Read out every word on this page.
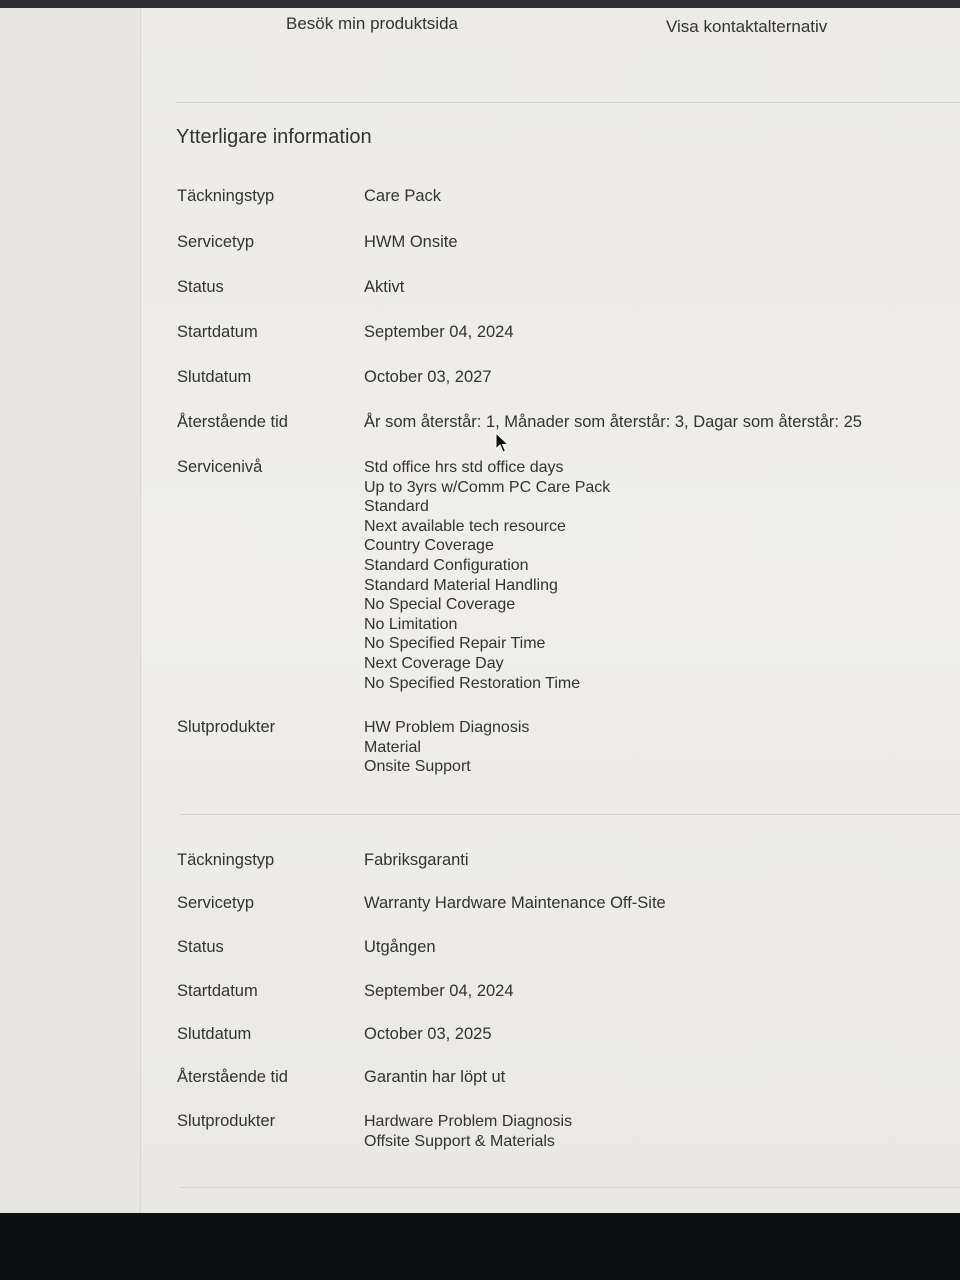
Besök min produktsida	Visa kontaktalternativ
Ytterligare information
Täckningstyp	Care Pack
Servicetyp	HWM Onsite
Status	Aktivt
Startdatum	September 04, 2024
Slutdatum	October 03, 2027
Återstående tid	År som återstår: 1, Månader som återstår: 3, Dagar som återstår: 25
Servicenivå	Std office hrs std office days
Up to 3yrs w/Comm PC Care Pack
Standard
Next available tech resource
Country Coverage
Standard Configuration
Standard Material Handling
No Special Coverage
No Limitation
No Specified Repair Time
Next Coverage Day
No Specified Restoration Time
Slutprodukter	HW Problem Diagnosis
Material
Onsite Support
Täckningstyp	Fabriksgaranti
Servicetyp	Warranty Hardware Maintenance Off-Site
Status	Utgången
Startdatum	September 04, 2024
Slutdatum	October 03, 2025
Återstående tid	Garantin har löpt ut
Slutprodukter	Hardware Problem Diagnosis
Offsite Support & Materials
